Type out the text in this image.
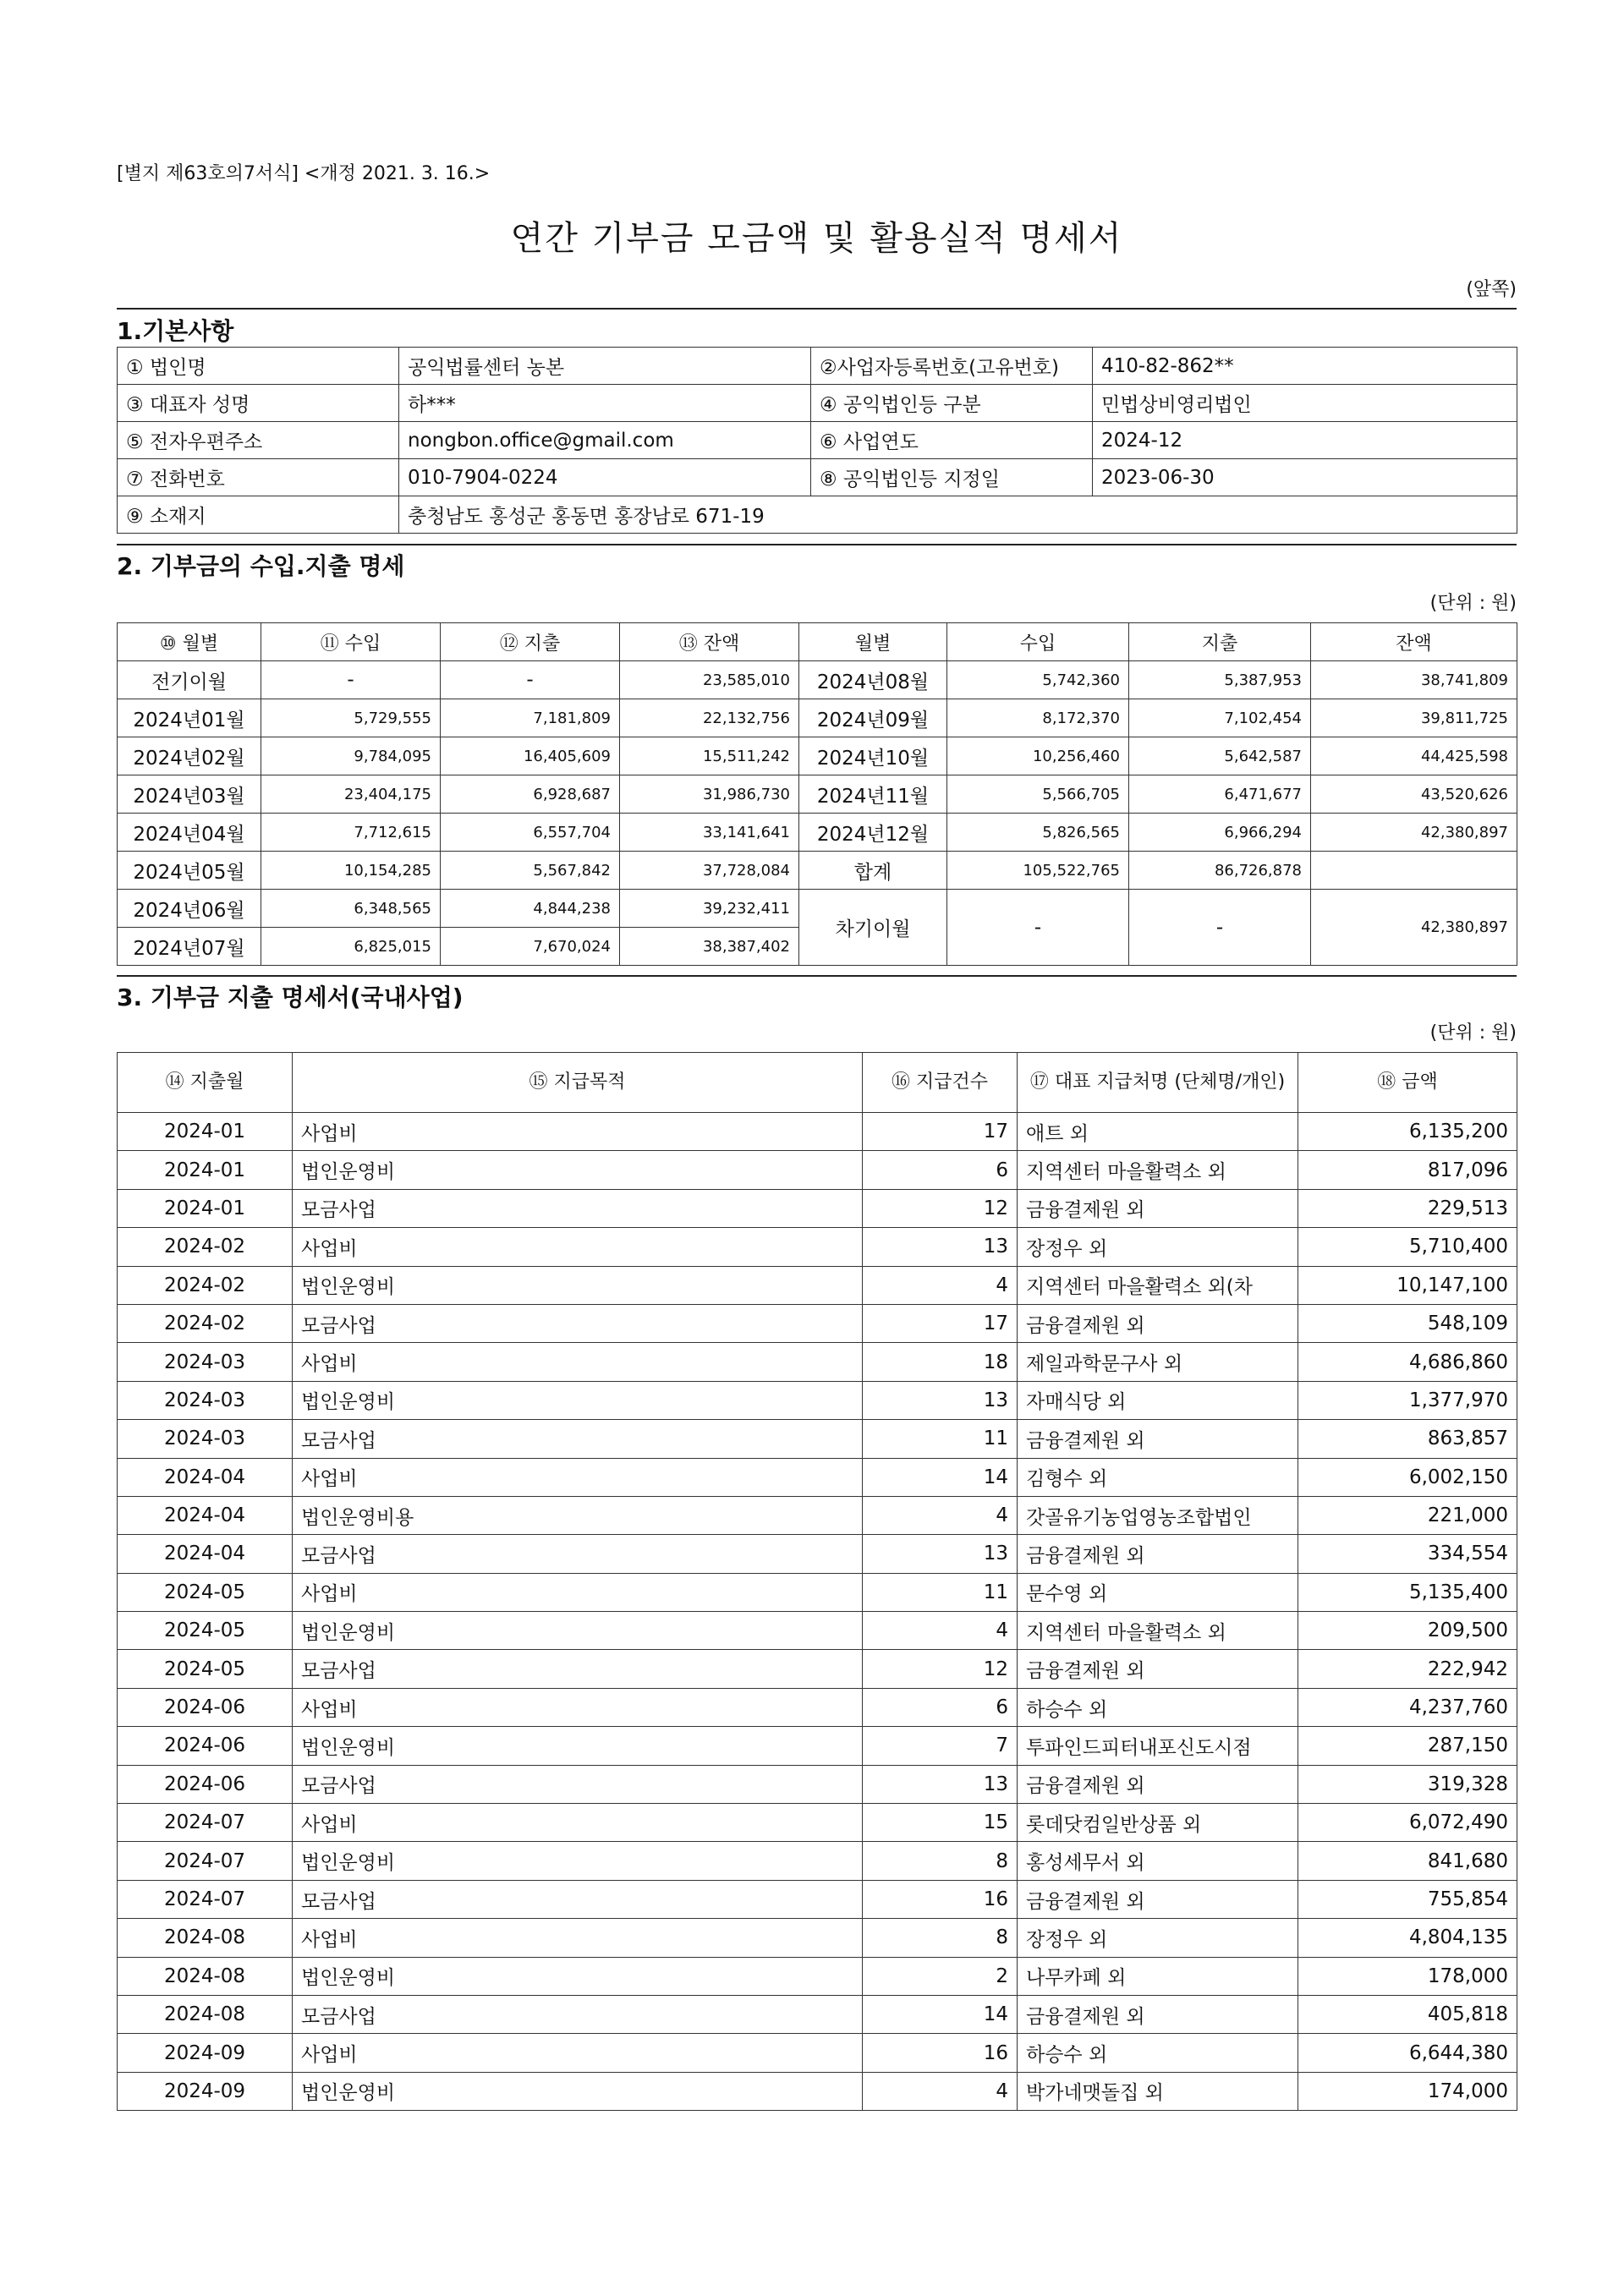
[별지 제63호의7서식] <개정 2021. 3. 16.>
연간 기부금 모금액 및 활용실적 명세서
(앞쪽)
1.기본사항
① 법인명	공익법률센터 농본	②사업자등록번호(고유번호)	410-82-862**
③ 대표자 성명	하***	④ 공익법인등 구분	민법상비영리법인
⑤ 전자우편주소	nongbon.office@gmail.com	⑥ 사업연도	2024-12
⑦ 전화번호	010-7904-0224	⑧ 공익법인등 지정일	2023-06-30
⑨ 소재지	충청남도 홍성군 홍동면 홍장남로 671-19		
2. 기부금의 수입.지출 명세
(단위 : 원)
⑩ 월별	⑪ 수입	⑫ 지출	⑬ 잔액	월별	수입	지출	잔액
전기이월	-	-	23,585,010	2024년08월	5,742,360	5,387,953	38,741,809
2024년01월	5,729,555	7,181,809	22,132,756	2024년09월	8,172,370	7,102,454	39,811,725
2024년02월	9,784,095	16,405,609	15,511,242	2024년10월	10,256,460	5,642,587	44,425,598
2024년03월	23,404,175	6,928,687	31,986,730	2024년11월	5,566,705	6,471,677	43,520,626
2024년04월	7,712,615	6,557,704	33,141,641	2024년12월	5,826,565	6,966,294	42,380,897
2024년05월	10,154,285	5,567,842	37,728,084	합계	105,522,765	86,726,878	
2024년06월	6,348,565	4,844,238	39,232,411	차기이월	-	-	42,380,897
2024년07월	6,825,015	7,670,024	38,387,402				
3. 기부금 지출 명세서(국내사업)
(단위 : 원)
⑭ 지출월	⑮ 지급목적	⑯ 지급건수	⑰ 대표 지급처명 (단체명/개인)	⑱ 금액
2024-01	사업비	17	애트 외	6,135,200
2024-01	법인운영비	6	지역센터 마을활력소 외	817,096
2024-01	모금사업	12	금융결제원 외	229,513
2024-02	사업비	13	장정우 외	5,710,400
2024-02	법인운영비	4	지역센터 마을활력소 외(차	10,147,100
2024-02	모금사업	17	금융결제원 외	548,109
2024-03	사업비	18	제일과학문구사 외	4,686,860
2024-03	법인운영비	13	자매식당 외	1,377,970
2024-03	모금사업	11	금융결제원 외	863,857
2024-04	사업비	14	김형수 외	6,002,150
2024-04	법인운영비용	4	갓골유기농업영농조합법인	221,000
2024-04	모금사업	13	금융결제원 외	334,554
2024-05	사업비	11	문수영 외	5,135,400
2024-05	법인운영비	4	지역센터 마을활력소 외	209,500
2024-05	모금사업	12	금융결제원 외	222,942
2024-06	사업비	6	하승수 외	4,237,760
2024-06	법인운영비	7	투파인드피터내포신도시점	287,150
2024-06	모금사업	13	금융결제원 외	319,328
2024-07	사업비	15	롯데닷컴일반상품 외	6,072,490
2024-07	법인운영비	8	홍성세무서 외	841,680
2024-07	모금사업	16	금융결제원 외	755,854
2024-08	사업비	8	장정우 외	4,804,135
2024-08	법인운영비	2	나무카페 외	178,000
2024-08	모금사업	14	금융결제원 외	405,818
2024-09	사업비	16	하승수 외	6,644,380
2024-09	법인운영비	4	박가네맷돌집 외	174,000
